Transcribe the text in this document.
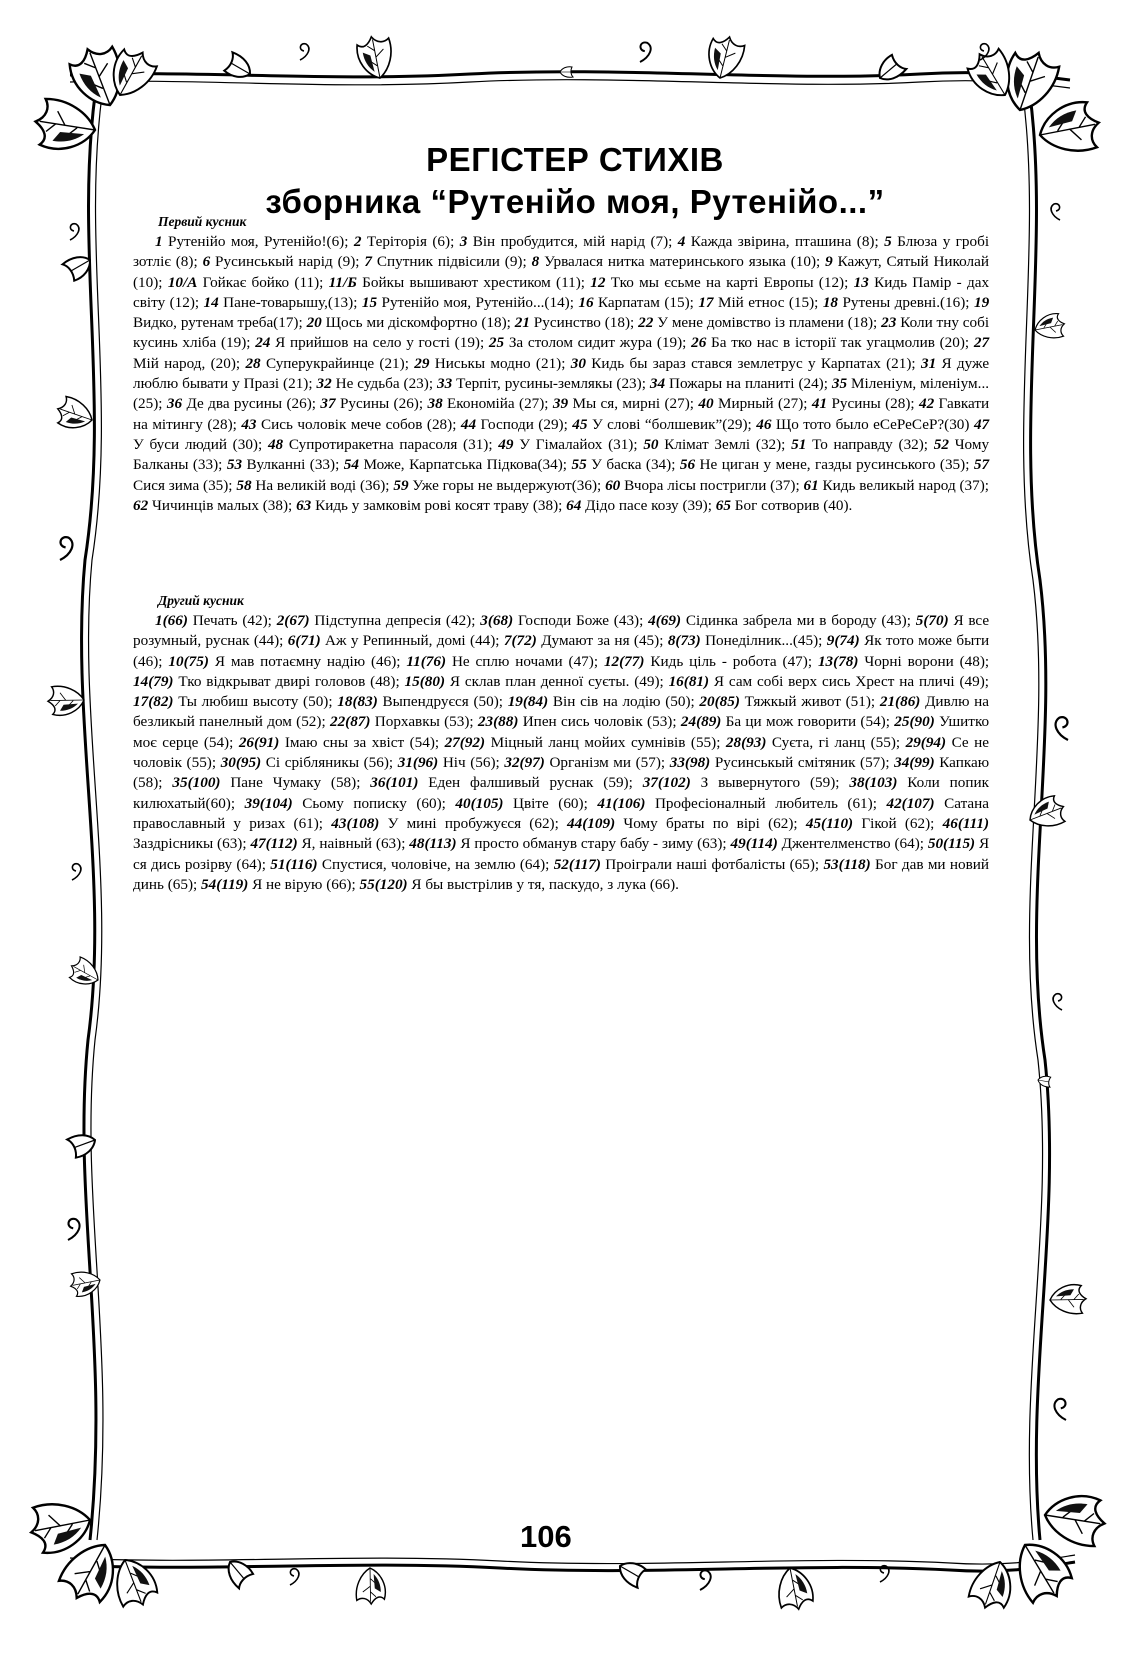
РЕГІСТЕР СТИХІВ
зборника “Рутенійо моя, Рутенійо...”
Первий кусник
1 Рутенійо моя, Рутенійо!(6); 2 Теріторія (6); 3 Він пробудится, мій нарід (7); 4 Кажда звірина, пташина (8); 5 Блюза у гробі зотліє (8); 6 Русинськый нарід (9); 7 Спутник підвісили (9); 8 Урвалася нитка материнського языка (10); 9 Кажут, Сятый Николай (10); 10/А Гойкає бойко (11); 11/Б Бойкы вышивают хрестиком (11); 12 Тко мы єсьме на карті Европы (12); 13 Кидь Памір - дах світу (12); 14 Пане-товарышу,(13); 15 Рутенійо моя, Рутенійо...(14); 16 Карпатам (15); 17 Мій етнос (15); 18 Рутены древні.(16); 19 Видко, рутенам треба(17); 20 Щось ми діскомфортно (18); 21 Русинство (18); 22 У мене домівство із пламени (18); 23 Коли тну собі кусинь хліба (19); 24 Я прийшов на село у гості (19); 25 За столом сидит жура (19); 26 Ба тко нас в історії так угацмолив (20); 27 Мій народ, (20); 28 Суперукрайинце (21); 29 Ниськы модно (21); 30 Кидь бы зараз стався землетрус у Карпатах (21); 31 Я дуже люблю бывати у Празі (21); 32 Не судьба (23); 33 Терпіт, русины-землякы (23); 34 Пожары на планиті (24); 35 Міленіум, міленіум... (25); 36 Де два русины (26); 37 Русины (26); 38 Економійа (27); 39 Мы ся, мирні (27); 40 Мирный (27); 41 Русины (28); 42 Гавкати на мітингу (28); 43 Сись чоловік мече собов (28); 44 Господи (29); 45 У слові “болшевик”(29); 46 Що тото было еСеРеСеР?(30) 47 У буси людий (30); 48 Супротиракетна парасоля (31); 49 У Гімалайох (31); 50 Клімат Землі (32); 51 То направду (32); 52 Чому Балканы (33); 53 Вулканні (33); 54 Може, Карпатська Підкова(34); 55 У баска (34); 56 Не циган у мене, газды русинського (35); 57 Сися зима (35); 58 На великій воді (36); 59 Уже горы не выдержуют(36); 60 Вчора лісы постригли (37); 61 Кидь великый народ (37); 62 Чичинців малых (38); 63 Кидь у замковім рові косят траву (38); 64 Дідо пасе козу (39); 65 Бог сотворив (40).
Другий кусник
1(66) Печать (42); 2(67) Підступна депресія (42); 3(68) Господи Боже (43); 4(69) Сідинка забрела ми в бороду (43); 5(70) Я все розумный, руснак (44); 6(71) Аж у Репинный, домі (44); 7(72) Думают за ня (45); 8(73) Понеділник...(45); 9(74) Як тото може быти (46); 10(75) Я мав потаємну надію (46); 11(76) Не сплю ночами (47); 12(77) Кидь ціль - робота (47); 13(78) Чорні ворони (48); 14(79) Тко відкрыват двирі головов (48); 15(80) Я склав план денної суєты. (49); 16(81) Я сам собі верх сись Хрест на пличі (49); 17(82) Ты любиш высоту (50); 18(83) Выпендруєся (50); 19(84) Він сів на лодію (50); 20(85) Тяжкый живот (51); 21(86) Дивлю на безликый панелный дом (52); 22(87) Порхавкы (53); 23(88) Ипен сись чоловік (53); 24(89) Ба ци мож говорити (54); 25(90) Ушитко моє серце (54); 26(91) Імаю сны за хвіст (54); 27(92) Міцный ланц мойих сумнівів (55); 28(93) Суєта, гі ланц (55); 29(94) Се не чоловік (55); 30(95) Сі срібляникы (56); 31(96) Ніч (56); 32(97) Організм ми (57); 33(98) Русинськый смітяник (57); 34(99) Капкаю (58); 35(100) Пане Чумаку (58); 36(101) Еден фалшивый руснак (59); 37(102) З вывернутого (59); 38(103) Коли попик килюхатый(60); 39(104) Сьому пописку (60); 40(105) Цвіте (60); 41(106) Професіоналный любитель (61); 42(107) Сатана православный у ризах (61); 43(108) У мині пробужуєся (62); 44(109) Чому браты по вірі (62); 45(110) Гікой (62); 46(111) Заздрісникы (63); 47(112) Я, наівный (63); 48(113) Я просто обманув стару бабу - зиму (63); 49(114) Джентелменство (64); 50(115) Я ся дись розірву (64); 51(116) Спустися, чоловіче, на землю (64); 52(117) Проіграли наші фотбалісты (65); 53(118) Бог дав ми новий динь (65); 54(119) Я не вірую (66); 55(120) Я бы выстрілив у тя, паскудо, з лука (66).
106
